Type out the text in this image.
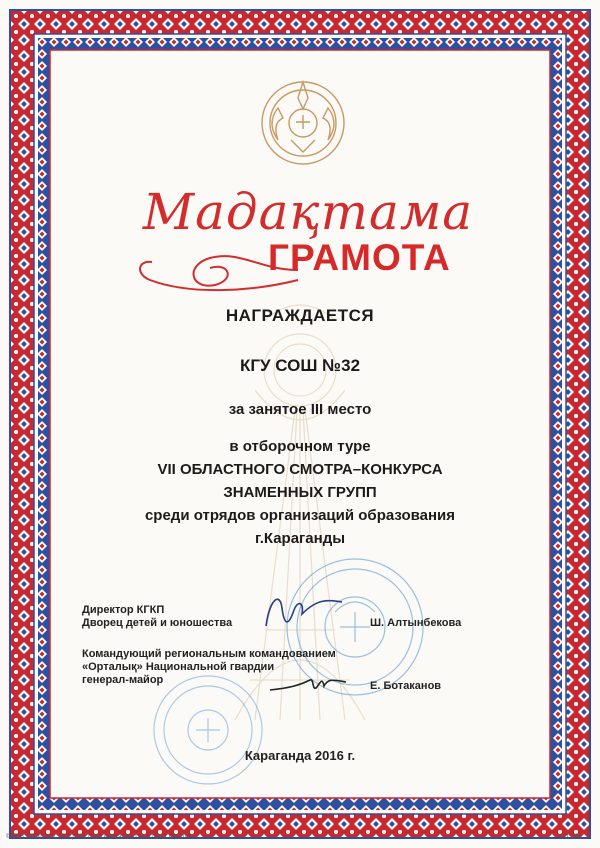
Мадақтама
ГРАМОТА
НАГРАЖДАЕТСЯ
КГУ СОШ №32
за занятое III место
в отборочном туре
VII ОБЛАСТНОГО СМОТРА–КОНКУРСА
ЗНАМЕННЫХ ГРУПП
среди отрядов организаций образования
г.Караганды
Директор КГКП
Дворец детей и юношества	Ш. Алтынбекова
Командующий региональным командованием
«Орталық» Национальной гвардии
генерал-майор	Е. Ботаканов
Караганда 2016 г.
©ARTCARD® тел.: (727) 234 16 16 www.artcard.kz 4075 11.04.2016	Г.П. 259
